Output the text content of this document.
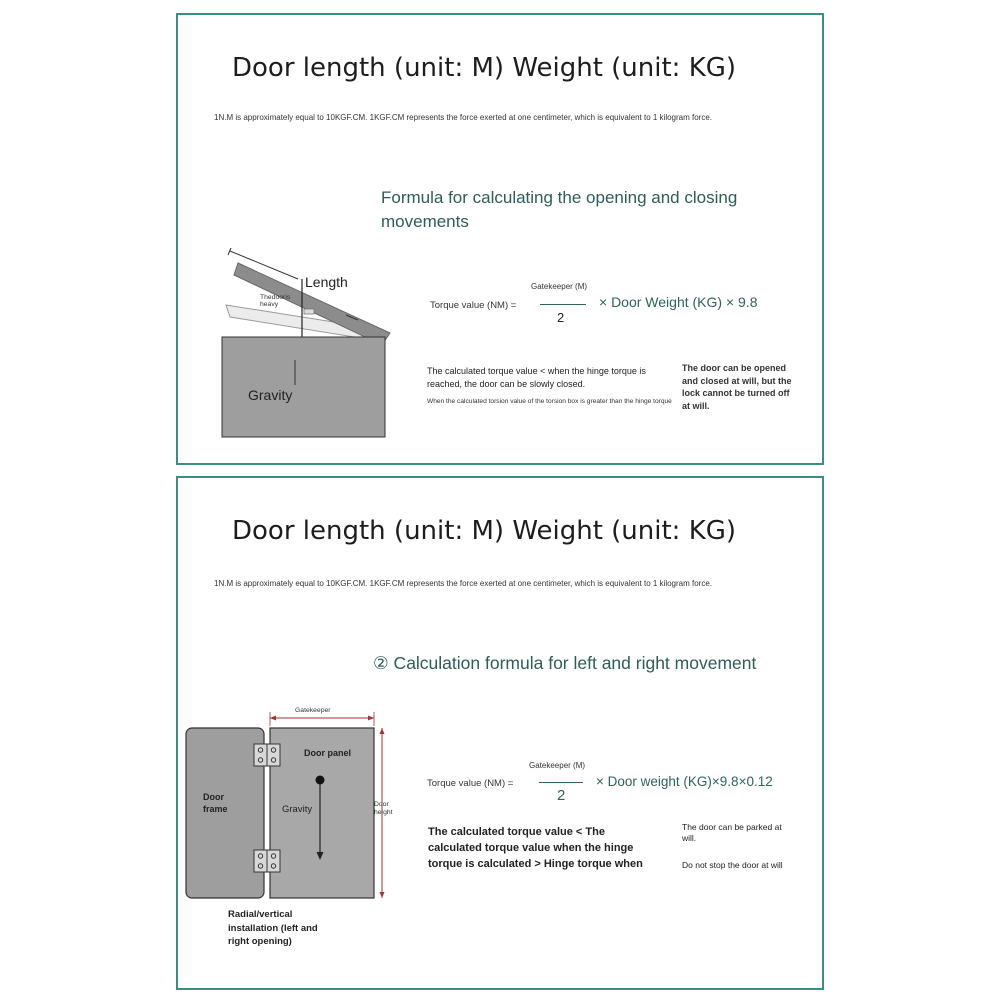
Door length (unit: M) Weight (unit: KG)
1N.M is approximately equal to 10KGF.CM. 1KGF.CM represents the force exerted at one centimeter, which is equivalent to 1 kilogram force.
Formula for calculating the opening and closing movements
Length
Thedooris
heavy
Gravity
Torque value (NM) =
Gatekeeper (M)
2
× Door Weight (KG) × 9.8
The calculated torque value < when the hinge torque is reached, the door can be slowly closed.
When the calculated torsion value of the torsion box is greater than the hinge torque
The door can be opened and closed at will, but the lock cannot be turned off at will.
Door length (unit: M) Weight (unit: KG)
1N.M is approximately equal to 10KGF.CM. 1KGF.CM represents the force exerted at one centimeter, which is equivalent to 1 kilogram force.
② Calculation formula for left and right movement
Gatekeeper
Door panel
Door
frame	Gravity	Door
height
Radial/vertical
installation (left and
right opening)
Torque value (NM) =
Gatekeeper (M)
2
× Door weight (KG)×9.8×0.12
The calculated torque value < The calculated torque value when the hinge torque is calculated > Hinge torque when
The door can be parked at will.
Do not stop the door at will
